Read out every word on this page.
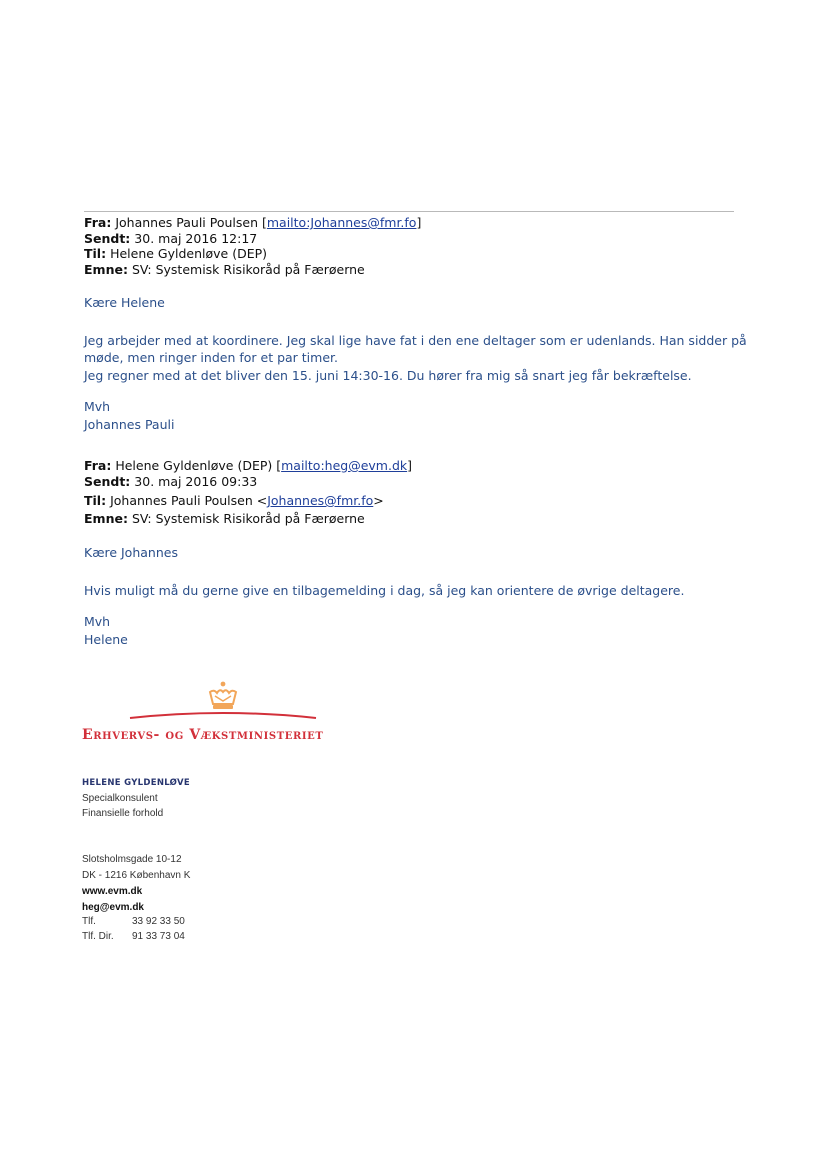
Fra: Johannes Pauli Poulsen [mailto:Johannes@fmr.fo]
Sendt: 30. maj 2016 12:17
Til: Helene Gyldenløve (DEP)
Emne: SV: Systemisk Risikoråd på Færøerne
Kære Helene
Jeg arbejder med at koordinere. Jeg skal lige have fat i den ene deltager som er udenlands. Han sidder på
møde, men ringer inden for et par timer.
Jeg regner med at det bliver den 15. juni 14:30-16. Du hører fra mig så snart jeg får bekræftelse.
Mvh
Johannes Pauli
Fra: Helene Gyldenløve (DEP) [mailto:heg@evm.dk]
Sendt: 30. maj 2016 09:33
Til: Johannes Pauli Poulsen <Johannes@fmr.fo>
Emne: SV: Systemisk Risikoråd på Færøerne
Kære Johannes
Hvis muligt må du gerne give en tilbagemelding i dag, så jeg kan orientere de øvrige deltagere.
Mvh
Helene
Erhvervs- og Vækstministeriet
HELENE GYLDENLØVE
Specialkonsulent
Finansielle forhold
Slotsholmsgade 10-12
DK - 1216 København K
www.evm.dk
heg@evm.dk
Tlf.	33 92 33 50
Tlf. Dir. 91 33 73 04
